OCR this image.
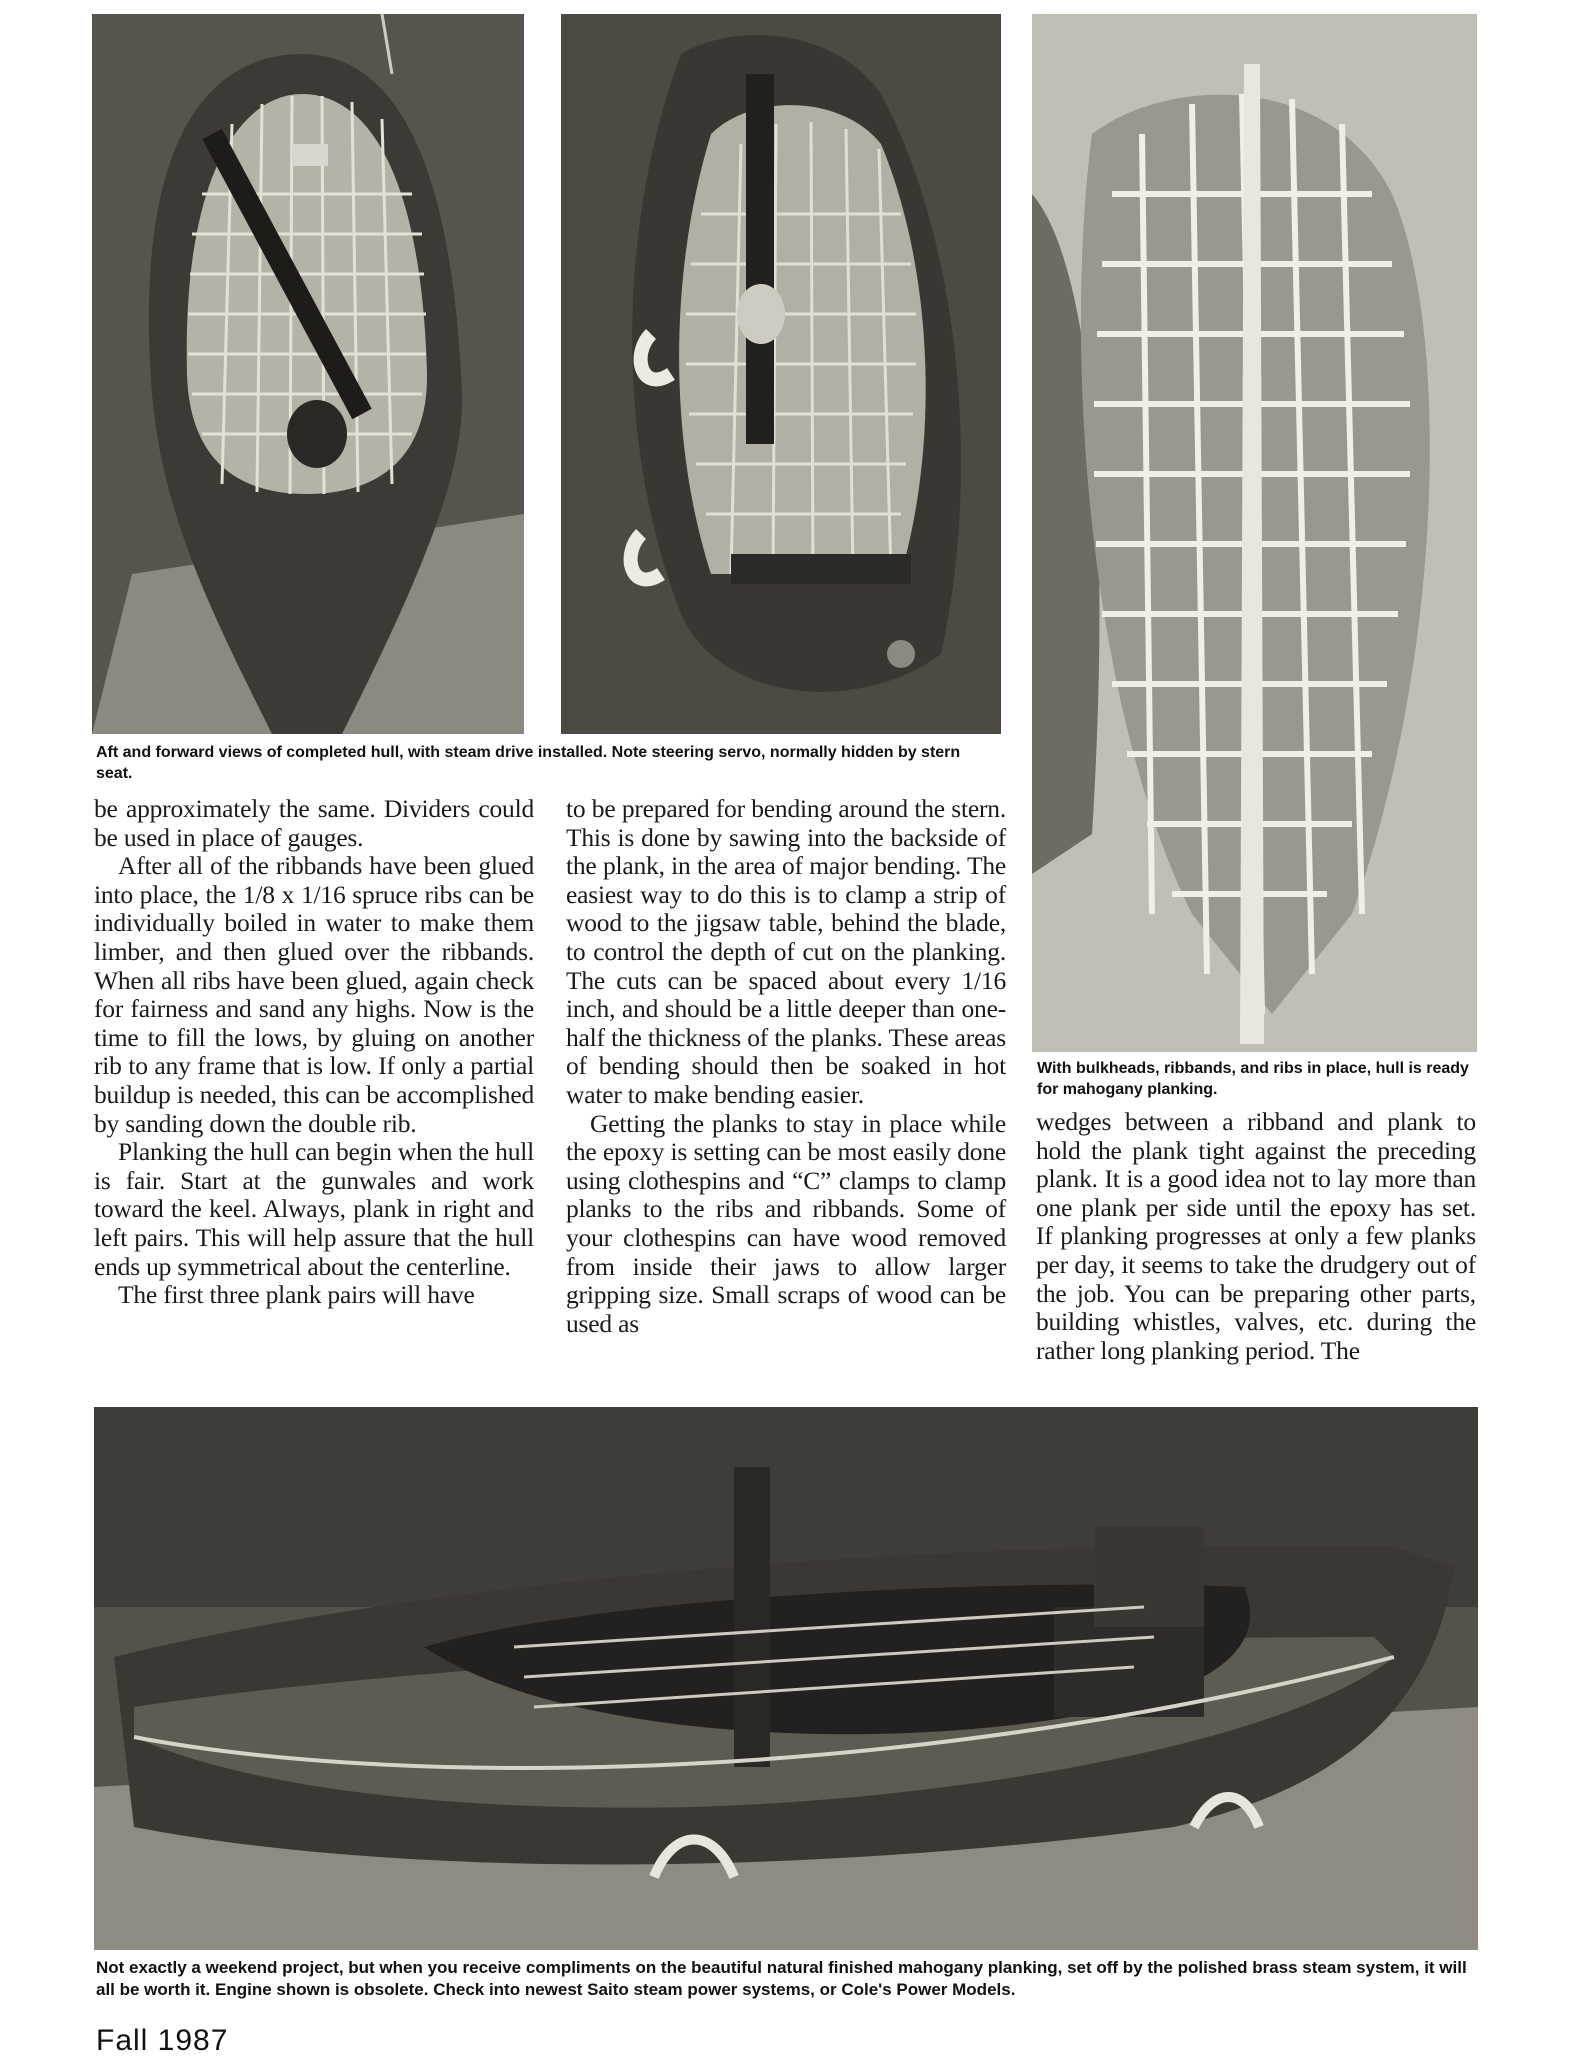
Aft and forward views of completed hull, with steam drive installed. Note steering servo, normally hidden by stern seat.
With bulkheads, ribbands, and ribs in place, hull is ready for mahogany planking.

be approximately the same. Dividers could be used in place of gauges.

After all of the ribbands have been glued into place, the 1/8 x 1/16 spruce ribs can be individually boiled in water to make them limber, and then glued over the ribbands. When all ribs have been glued, again check for fairness and sand any highs. Now is the time to fill the lows, by gluing on another rib to any frame that is low. If only a partial buildup is needed, this can be accomplished by sanding down the double rib.

Planking the hull can begin when the hull is fair. Start at the gunwales and work toward the keel. Always, plank in right and left pairs. This will help assure that the hull ends up symmetrical about the centerline.

The first three plank pairs will have

to be prepared for bending around the stern. This is done by sawing into the backside of the plank, in the area of major bending. The easiest way to do this is to clamp a strip of wood to the jigsaw table, behind the blade, to control the depth of cut on the planking. The cuts can be spaced about every 1/16 inch, and should be a little deeper than one-half the thickness of the planks. These areas of bending should then be soaked in hot water to make bending easier.

Getting the planks to stay in place while the epoxy is setting can be most easily done using clothespins and “C” clamps to clamp planks to the ribs and ribbands. Some of your clothespins can have wood removed from inside their jaws to allow larger gripping size. Small scraps of wood can be used as

wedges between a ribband and plank to hold the plank tight against the preceding plank. It is a good idea not to lay more than one plank per side until the epoxy has set. If planking progresses at only a few planks per day, it seems to take the drudgery out of the job. You can be preparing other parts, building whistles, valves, etc. during the rather long planking period. The

Not exactly a weekend project, but when you receive compliments on the beautiful natural finished mahogany planking, set off by the polished brass steam system, it will all be worth it. Engine shown is obsolete. Check into newest Saito steam power systems, or Cole's Power Models.
Fall 1987
